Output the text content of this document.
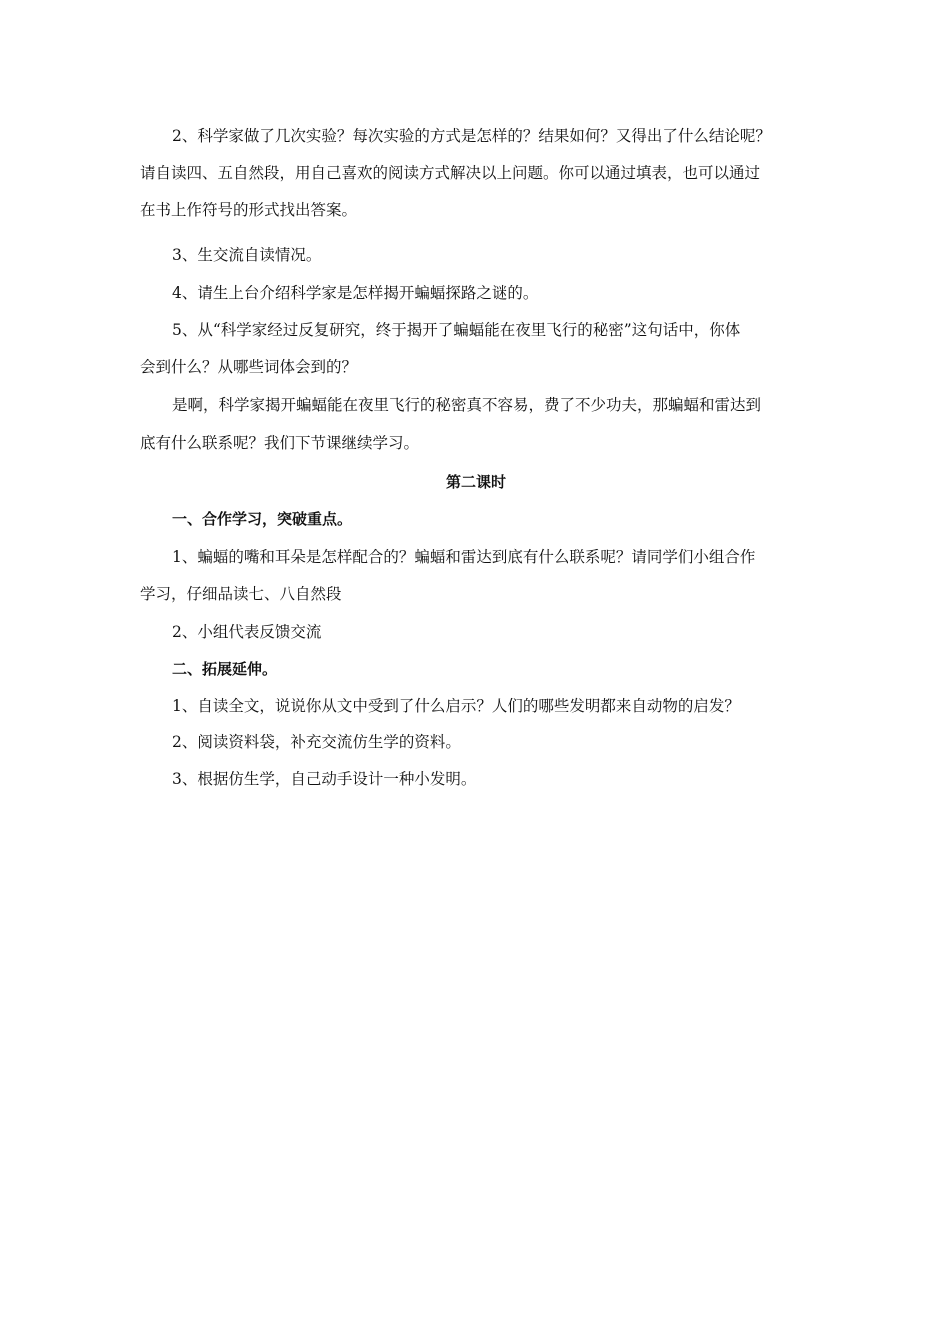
2、科学家做了几次实验？每次实验的方式是怎样的？结果如何？又得出了什么结论呢？
请自读四、五自然段，用自己喜欢的阅读方式解决以上问题。你可以通过填表，也可以通过
在书上作符号的形式找出答案。
3、生交流自读情况。
4、请生上台介绍科学家是怎样揭开蝙蝠探路之谜的。
5、从“科学家经过反复研究，终于揭开了蝙蝠能在夜里飞行的秘密”这句话中，你体
会到什么？从哪些词体会到的？
是啊，科学家揭开蝙蝠能在夜里飞行的秘密真不容易，费了不少功夫，那蝙蝠和雷达到
底有什么联系呢？我们下节课继续学习。
第二课时
一、合作学习，突破重点。
1、蝙蝠的嘴和耳朵是怎样配合的？蝙蝠和雷达到底有什么联系呢？请同学们小组合作
学习，仔细品读七、八自然段
2、小组代表反馈交流
二、拓展延伸。
1、自读全文，说说你从文中受到了什么启示？人们的哪些发明都来自动物的启发？
2、阅读资料袋，补充交流仿生学的资料。
3、根据仿生学，自己动手设计一种小发明。
